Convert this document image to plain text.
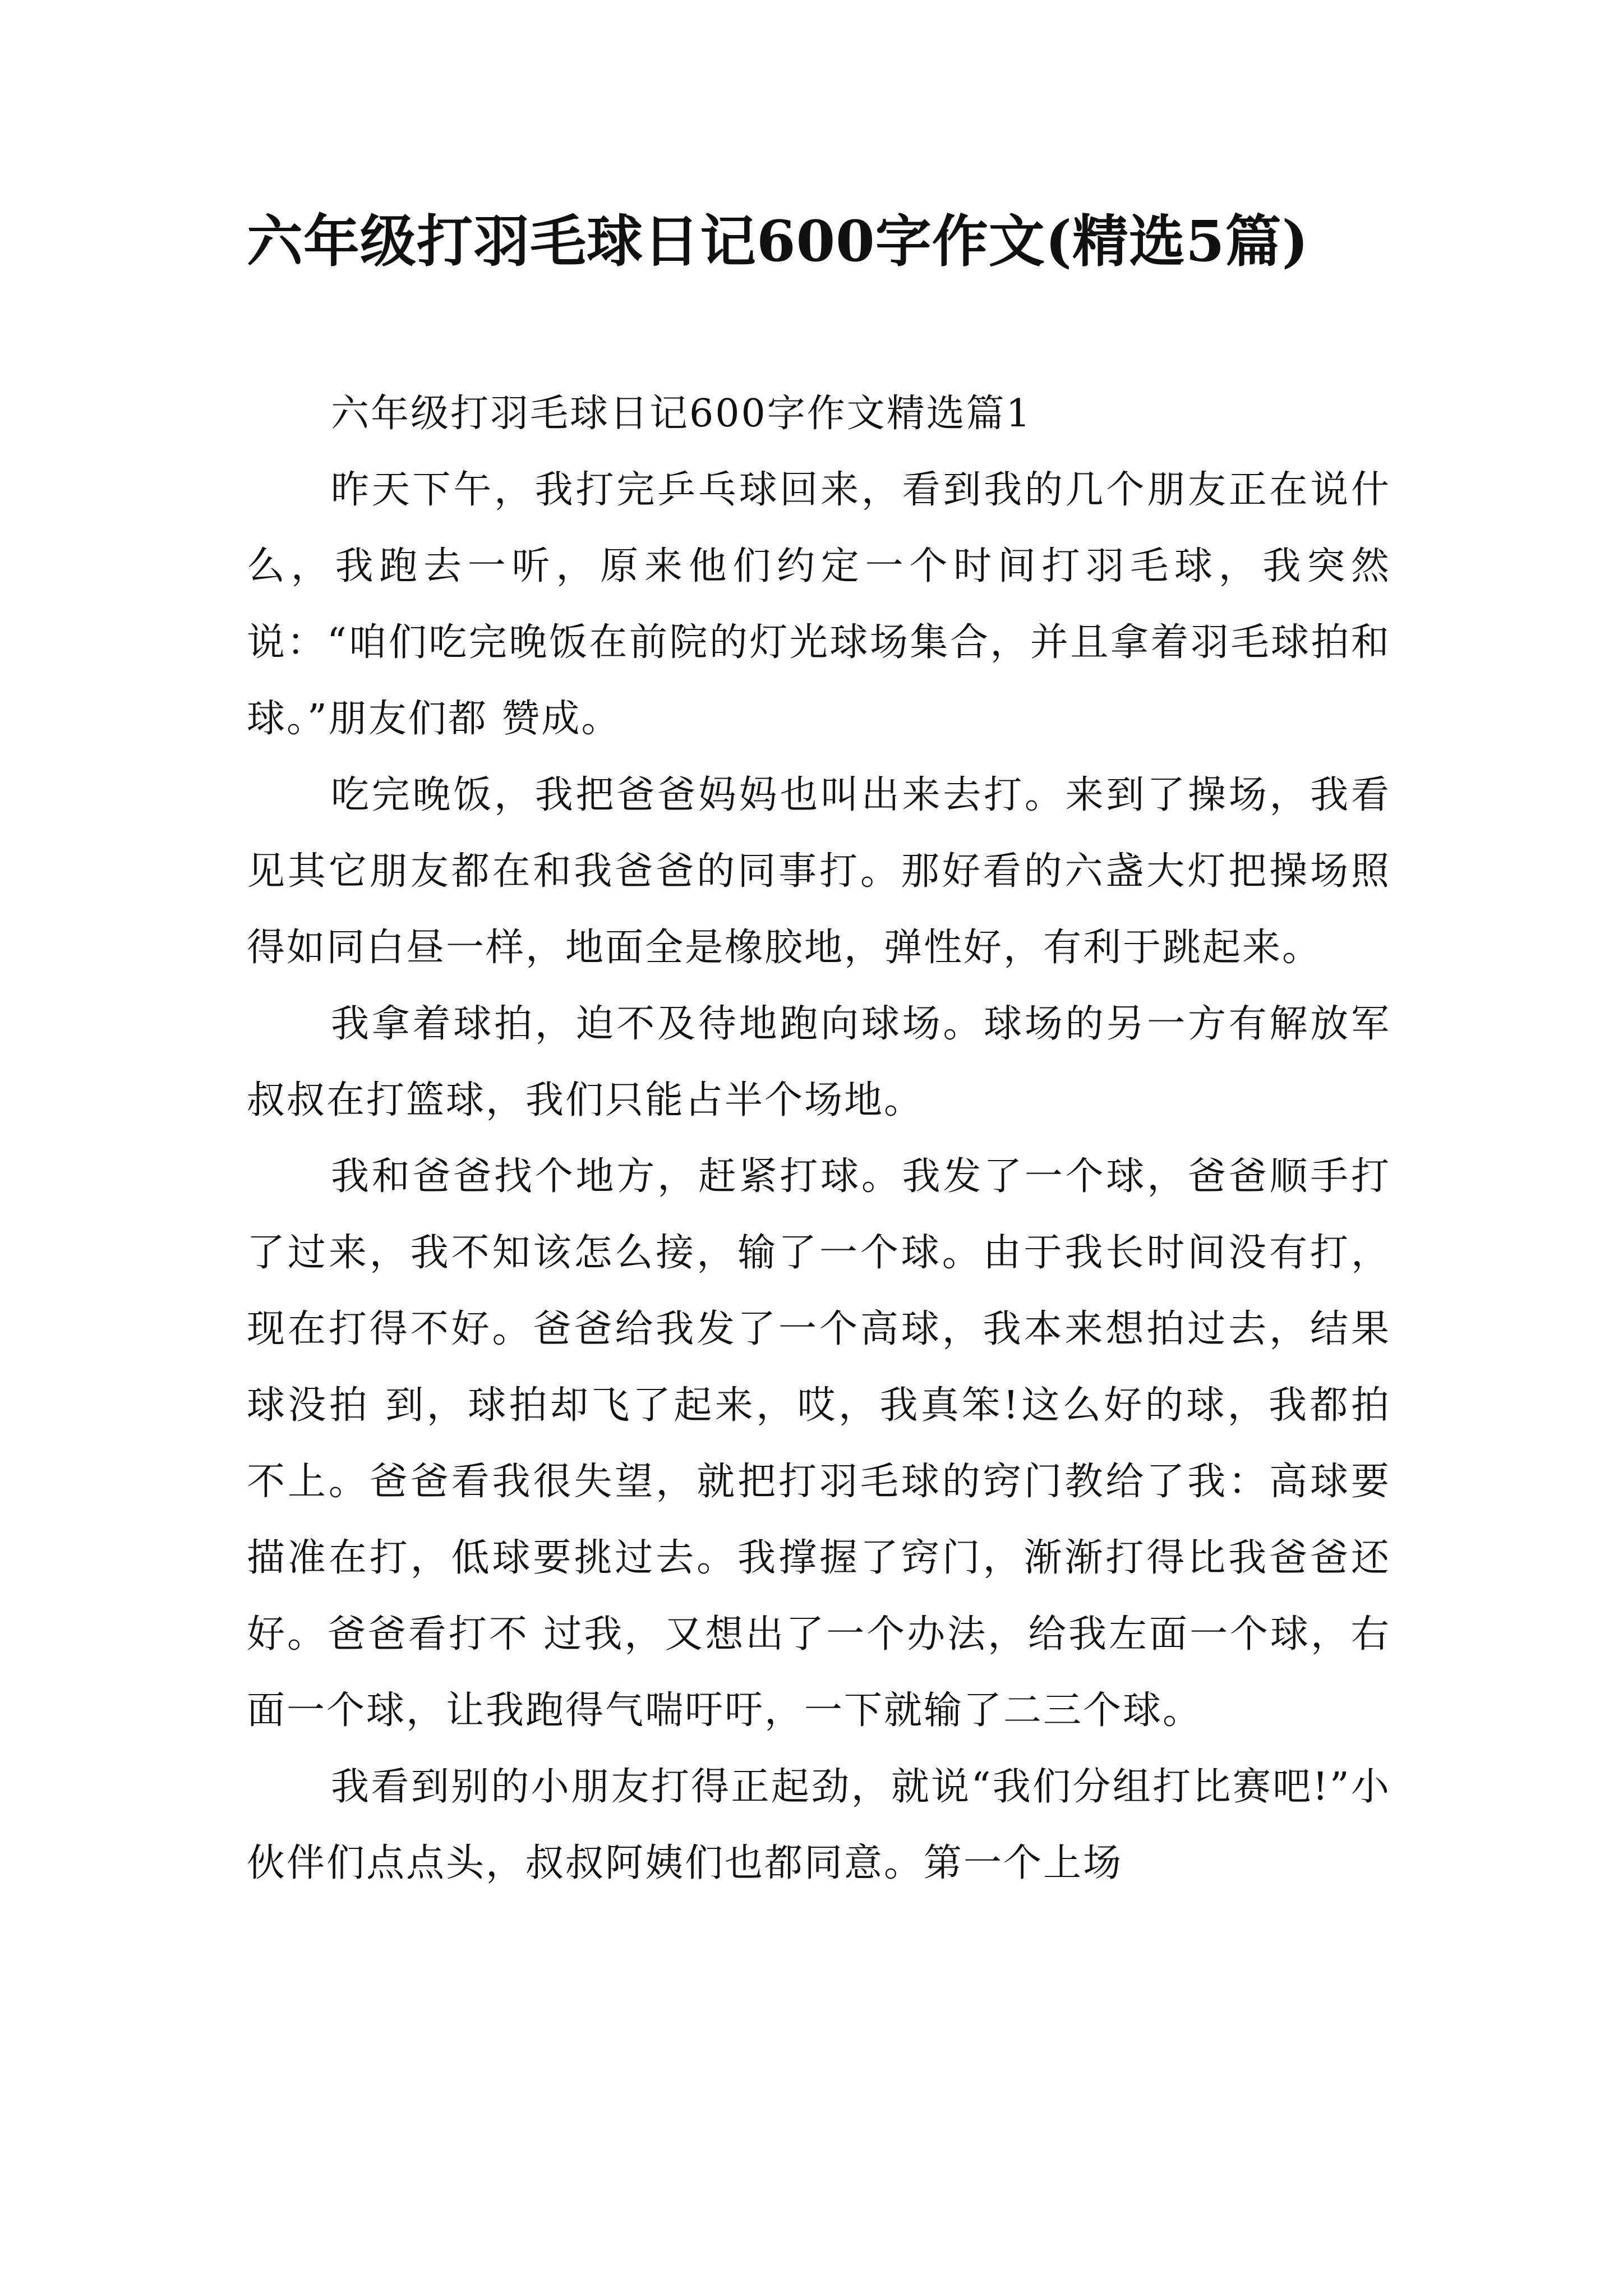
六年级打羽毛球日记600字作文(精选5篇)

六年级打羽毛球日记600字作文精选篇1

昨天下午，我打完乒乓球回来，看到我的几个朋友正在说什么，我跑去一听，原来他们约定一个时间打羽毛球，我突然说：“咱们吃完晚饭在前院的灯光球场集合，并且拿着羽毛球拍和球。”朋友们都 赞成。

吃完晚饭，我把爸爸妈妈也叫出来去打。来到了操场，我看见其它朋友都在和我爸爸的同事打。那好看的六盏大灯把操场照得如同白昼一样，地面全是橡胶地，弹性好，有利于跳起来。

我拿着球拍，迫不及待地跑向球场。球场的另一方有解放军叔叔在打篮球，我们只能占半个场地。

我和爸爸找个地方，赶紧打球。我发了一个球，爸爸顺手打了过来，我不知该怎么接，输了一个球。由于我长时间没有打，现在打得不好。爸爸给我发了一个高球，我本来想拍过去，结果球没拍 到，球拍却飞了起来，哎，我真笨!这么好的球，我都拍不上。爸爸看我很失望，就把打羽毛球的窍门教给了我：高球要描准在打，低球要挑过去。我撑握了窍门，渐渐打得比我爸爸还好。爸爸看打不 过我，又想出了一个办法，给我左面一个球，右面一个球，让我跑得气喘吁吁，一下就输了二三个球。

我看到别的小朋友打得正起劲，就说“我们分组打比赛吧!”小伙伴们点点头，叔叔阿姨们也都同意。第一个上场
